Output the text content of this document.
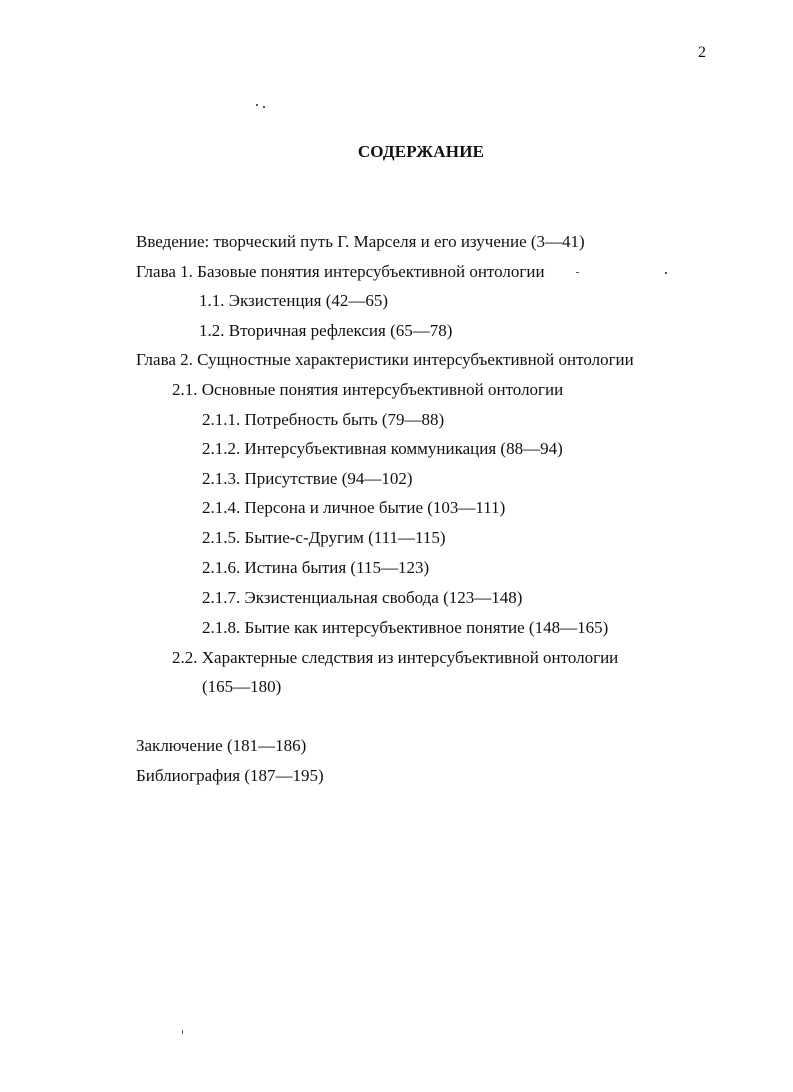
2
СОДЕРЖАНИЕ
Введение: творческий путь Г. Марселя и его изучение (3—41)
Глава 1. Базовые понятия интерсубъективной онтологии
1.1. Экзистенция (42—65)
1.2. Вторичная рефлексия (65—78)
Глава 2. Сущностные характеристики интерсубъективной онтологии
2.1. Основные понятия интерсубъективной онтологии
2.1.1. Потребность быть (79—88)
2.1.2. Интерсубъективная коммуникация (88—94)
2.1.3. Присутствие (94—102)
2.1.4. Персона и личное бытие (103—111)
2.1.5. Бытие-с-Другим (111—115)
2.1.6. Истина бытия (115—123)
2.1.7. Экзистенциальная свобода (123—148)
2.1.8. Бытие как интерсубъективное понятие (148—165)
2.2. Характерные следствия из интерсубъективной онтологии
(165—180)
Заключение (181—186)
Библиография (187—195)
